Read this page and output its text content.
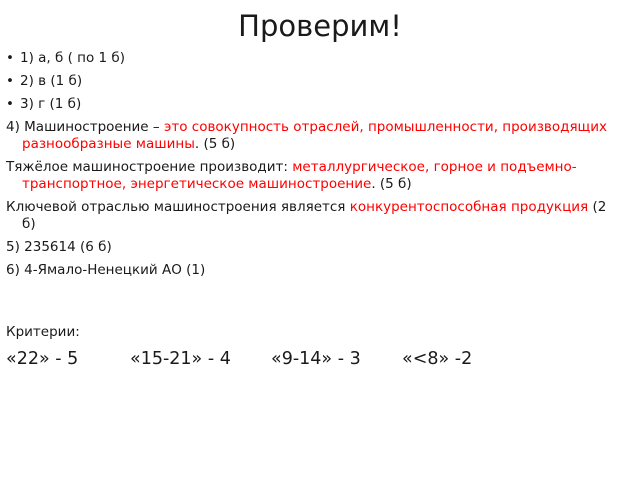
Проверим!
• 1) а, б ( по 1 б)
• 2) в (1 б)
• 3) г (1 б)
4) Машиностроение – это совокупность отраслей, промышленности, производящих разнообразные машины. (5 б)
Тяжёлое машиностроение производит: металлургическое, горное и подъемно-транспортное, энергетическое машиностроение. (5 б)
Ключевой отраслью машиностроения является конкурентоспособная продукция (2 б)
5) 235614 (6 б)
6) 4-Ямало-Ненецкий АО (1)
Критерии:
«22» - 5	«15-21» - 4 «9-14» - 3 «<8» -2
